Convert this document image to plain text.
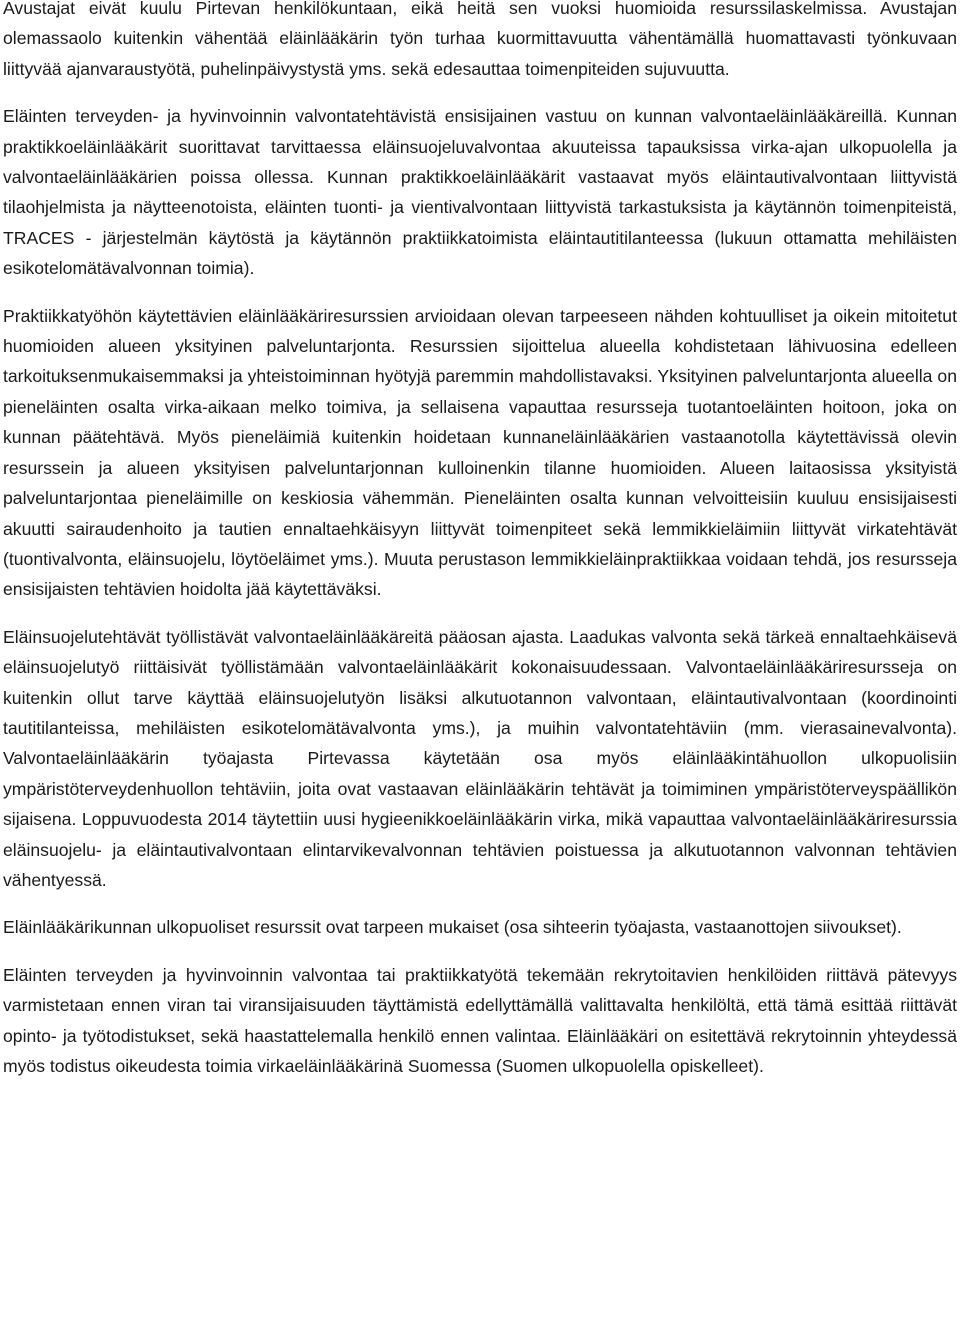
Avustajat eivät kuulu Pirtevan henkilökuntaan, eikä heitä sen vuoksi huomioida resurssilaskelmissa. Avustajan olemassaolo kuitenkin vähentää eläinlääkärin työn turhaa kuormittavuutta vähentämällä huomattavasti työnkuvaan liittyvää ajanvaraustyötä, puhelinpäivystystä yms. sekä edesauttaa toimenpiteiden sujuvuutta.

Eläinten terveyden- ja hyvinvoinnin valvontatehtävistä ensisijainen vastuu on kunnan valvontaeläinlääkäreillä. Kunnan praktikkoeläinlääkärit suorittavat tarvittaessa eläinsuojeluvalvontaa akuuteissa tapauksissa virka-ajan ulkopuolella ja valvontaeläinlääkärien poissa ollessa. Kunnan praktikkoeläinlääkärit vastaavat myös eläintautivalvontaan liittyvistä tilaohjelmista ja näytteenotoista, eläinten tuonti- ja vientivalvontaan liittyvistä tarkastuksista ja käytännön toimenpiteistä, TRACES - järjestelmän käytöstä ja käytännön praktiikkatoimista eläintautitilanteessa (lukuun ottamatta mehiläisten esikotelomätävalvonnan toimia).

Praktiikkatyöhön käytettävien eläinlääkäriresurssien arvioidaan olevan tarpeeseen nähden kohtuulliset ja oikein mitoitetut huomioiden alueen yksityinen palveluntarjonta. Resurssien sijoittelua alueella kohdistetaan lähivuosina edelleen tarkoituksenmukaisemmaksi ja yhteistoiminnan hyötyjä paremmin mahdollistavaksi. Yksityinen palveluntarjonta alueella on pieneläinten osalta virka-aikaan melko toimiva, ja sellaisena vapauttaa resursseja tuotantoeläinten hoitoon, joka on kunnan päätehtävä. Myös pieneläimiä kuitenkin hoidetaan kunnaneläinlääkärien vastaanotolla käytettävissä olevin resurssein ja alueen yksityisen palveluntarjonnan kulloinenkin tilanne huomioiden. Alueen laitaosissa yksityistä palveluntarjontaa pieneläimille on keskiosia vähemmän. Pieneläinten osalta kunnan velvoitteisiin kuuluu ensisijaisesti akuutti sairaudenhoito ja tautien ennaltaehkäisyyn liittyvät toimenpiteet sekä lemmikkieläimiin liittyvät virkatehtävät (tuontivalvonta, eläinsuojelu, löytöeläimet yms.). Muuta perustason lemmikkieläinpraktiikkaa voidaan tehdä, jos resursseja ensisijaisten tehtävien hoidolta jää käytettäväksi.

Eläinsuojelutehtävät työllistävät valvontaeläinlääkäreitä pääosan ajasta. Laadukas valvonta sekä tärkeä ennaltaehkäisevä eläinsuojelutyö riittäisivät työllistämään valvontaeläinlääkärit kokonaisuudessaan. Valvontaeläinlääkäriresursseja on kuitenkin ollut tarve käyttää eläinsuojelutyön lisäksi alkutuotannon valvontaan, eläintautivalvontaan (koordinointi tautitilanteissa, mehiläisten esikotelomätävalvonta yms.), ja muihin valvontatehtäviin (mm. vierasainevalvonta). Valvontaeläinlääkärin työajasta Pirtevassa käytetään osa myös eläinlääkintähuollon ulkopuolisiin ympäristöterveydenhuollon tehtäviin, joita ovat vastaavan eläinlääkärin tehtävät ja toimiminen ympäristöterveyspäällikön sijaisena. Loppuvuodesta 2014 täytettiin uusi hygieenikkoeläinlääkärin virka, mikä vapauttaa valvontaeläinlääkäriresurssia eläinsuojelu- ja eläintautivalvontaan elintarvikevalvonnan tehtävien poistuessa ja alkutuotannon valvonnan tehtävien vähentyessä.

Eläinlääkärikunnan ulkopuoliset resurssit ovat tarpeen mukaiset (osa sihteerin työajasta, vastaanottojen siivoukset).

Eläinten terveyden ja hyvinvoinnin valvontaa tai praktiikkatyötä tekemään rekrytoitavien henkilöiden riittävä pätevyys varmistetaan ennen viran tai viransijaisuuden täyttämistä edellyttämällä valittavalta henkilöltä, että tämä esittää riittävät opinto- ja työtodistukset, sekä haastattelemalla henkilö ennen valintaa. Eläinlääkäri on esitettävä rekrytoinnin yhteydessä myös todistus oikeudesta toimia virkaeläinlääkärinä Suomessa (Suomen ulkopuolella opiskelleet).
